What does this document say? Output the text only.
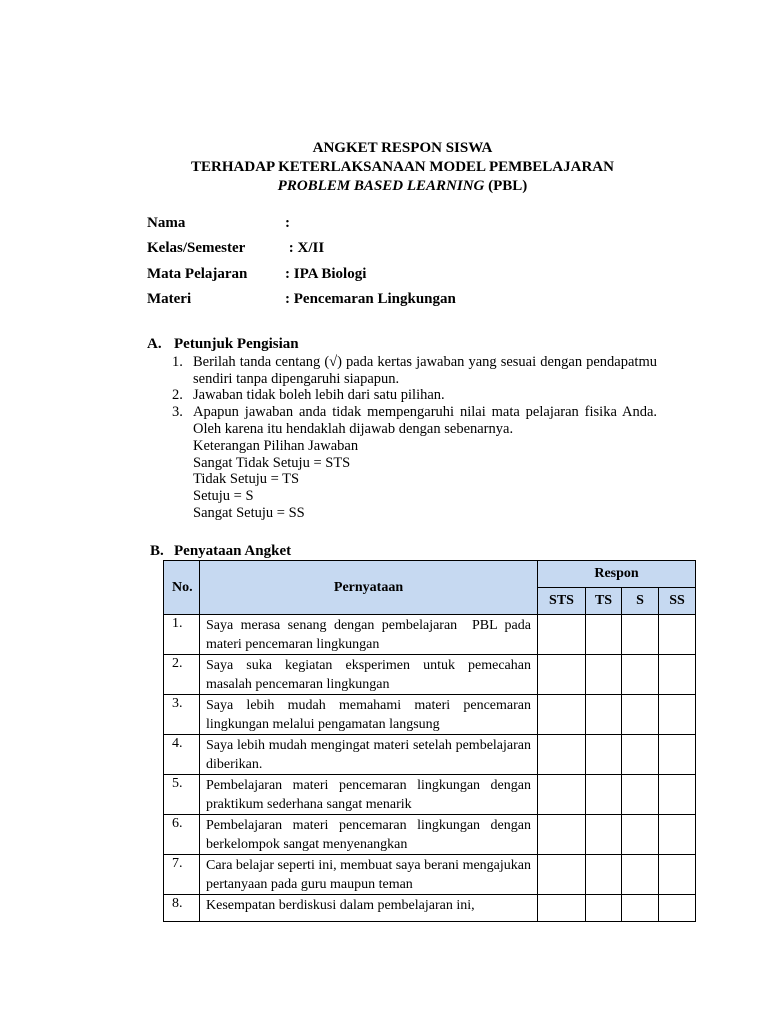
ANGKET RESPON SISWA
TERHADAP KETERLAKSANAAN MODEL PEMBELAJARAN
PROBLEM BASED LEARNING (PBL)
Nama	:
Kelas/Semester	: X/II
Mata Pelajaran	: IPA Biologi
Materi	: Pencemaran Lingkungan
A. Petunjuk Pengisian
1. Berilah tanda centang (√) pada kertas jawaban yang sesuai dengan pendapatmu sendiri tanpa dipengaruhi siapapun.
2. Jawaban tidak boleh lebih dari satu pilihan.
3. Apapun jawaban anda tidak mempengaruhi nilai mata pelajaran fisika Anda. Oleh karena itu hendaklah dijawab dengan sebenarnya.
Keterangan Pilihan Jawaban
Sangat Tidak Setuju = STS
Tidak Setuju = TS
Setuju = S
Sangat Setuju = SS
B. Penyataan Angket
No.	Pernyataan	Respon			
		STS	TS	S	SS
1.	Saya merasa senang dengan pembelajaran  PBL pada materi pencemaran lingkungan				
2.	Saya suka kegiatan eksperimen untuk pemecahan masalah pencemaran lingkungan				
3.	Saya lebih mudah memahami materi pencemaran lingkungan melalui pengamatan langsung				
4.	Saya lebih mudah mengingat materi setelah pembelajaran diberikan.				
5.	Pembelajaran materi pencemaran lingkungan dengan praktikum sederhana sangat menarik				
6.	Pembelajaran materi pencemaran lingkungan dengan berkelompok sangat menyenangkan				
7.	Cara belajar seperti ini, membuat saya berani mengajukan pertanyaan pada guru maupun teman				
8.	Kesempatan berdiskusi dalam pembelajaran ini,				
